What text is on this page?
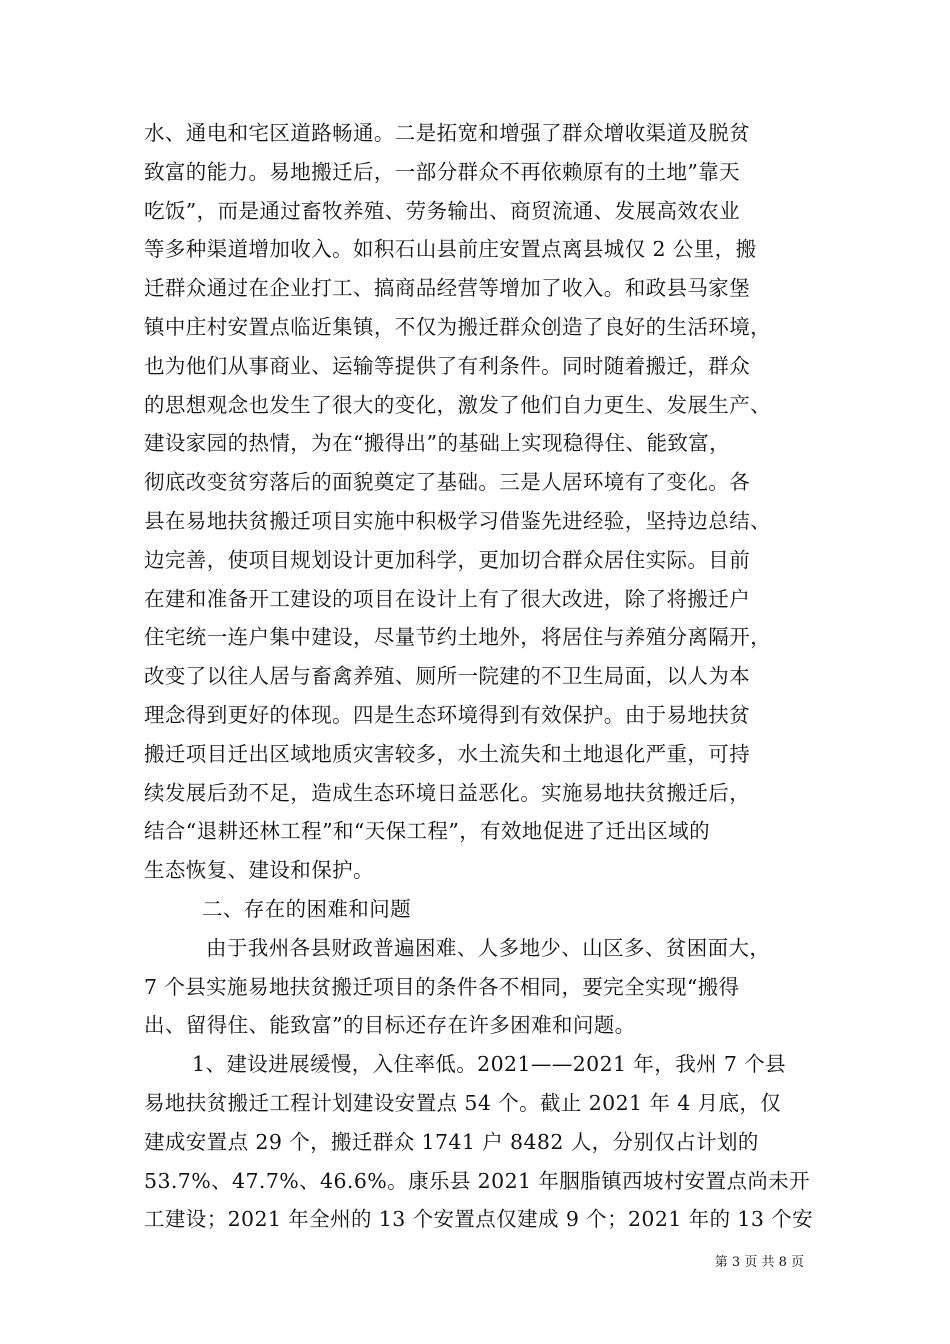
水、通电和宅区道路畅通。二是拓宽和增强了群众增收渠道及脱贫
致富的能力。易地搬迁后，一部分群众不再依赖原有的土地”靠天
吃饭”，而是通过畜牧养殖、劳务输出、商贸流通、发展高效农业
等多种渠道增加收入。如积石山县前庄安置点离县城仅 2 公里，搬
迁群众通过在企业打工、搞商品经营等增加了收入。和政县马家堡
镇中庄村安置点临近集镇，不仅为搬迁群众创造了良好的生活环境，
也为他们从事商业、运输等提供了有利条件。同时随着搬迁，群众
的思想观念也发生了很大的变化，激发了他们自力更生、发展生产、
建设家园的热情，为在“搬得出”的基础上实现稳得住、能致富，
彻底改变贫穷落后的面貌奠定了基础。三是人居环境有了变化。各
县在易地扶贫搬迁项目实施中积极学习借鉴先进经验，坚持边总结、
边完善，使项目规划设计更加科学，更加切合群众居住实际。目前
在建和准备开工建设的项目在设计上有了很大改进，除了将搬迁户
住宅统一连户集中建设，尽量节约土地外，将居住与养殖分离隔开，
改变了以往人居与畜禽养殖、厕所一院建的不卫生局面，以人为本
理念得到更好的体现。四是生态环境得到有效保护。由于易地扶贫
搬迁项目迁出区域地质灾害较多，水土流失和土地退化严重，可持
续发展后劲不足，造成生态环境日益恶化。实施易地扶贫搬迁后，
结合“退耕还林工程”和“天保工程”，有效地促进了迁出区域的
生态恢复、建设和保护。
二、存在的困难和问题
由于我州各县财政普遍困难、人多地少、山区多、贫困面大，
7 个县实施易地扶贫搬迁项目的条件各不相同，要完全实现“搬得
出、留得住、能致富”的目标还存在许多困难和问题。
1、建设进展缓慢，入住率低。2021——2021 年，我州 7 个县
易地扶贫搬迁工程计划建设安置点 54 个。截止 2021 年 4 月底，仅
建成安置点 29 个，搬迁群众 1741 户 8482 人，分别仅占计划的
53.7%、47.7%、46.6%。康乐县 2021 年胭脂镇西坡村安置点尚未开
工建设；2021 年全州的 13 个安置点仅建成 9 个；2021 年的 13 个安
第 3 页 共 8 页
